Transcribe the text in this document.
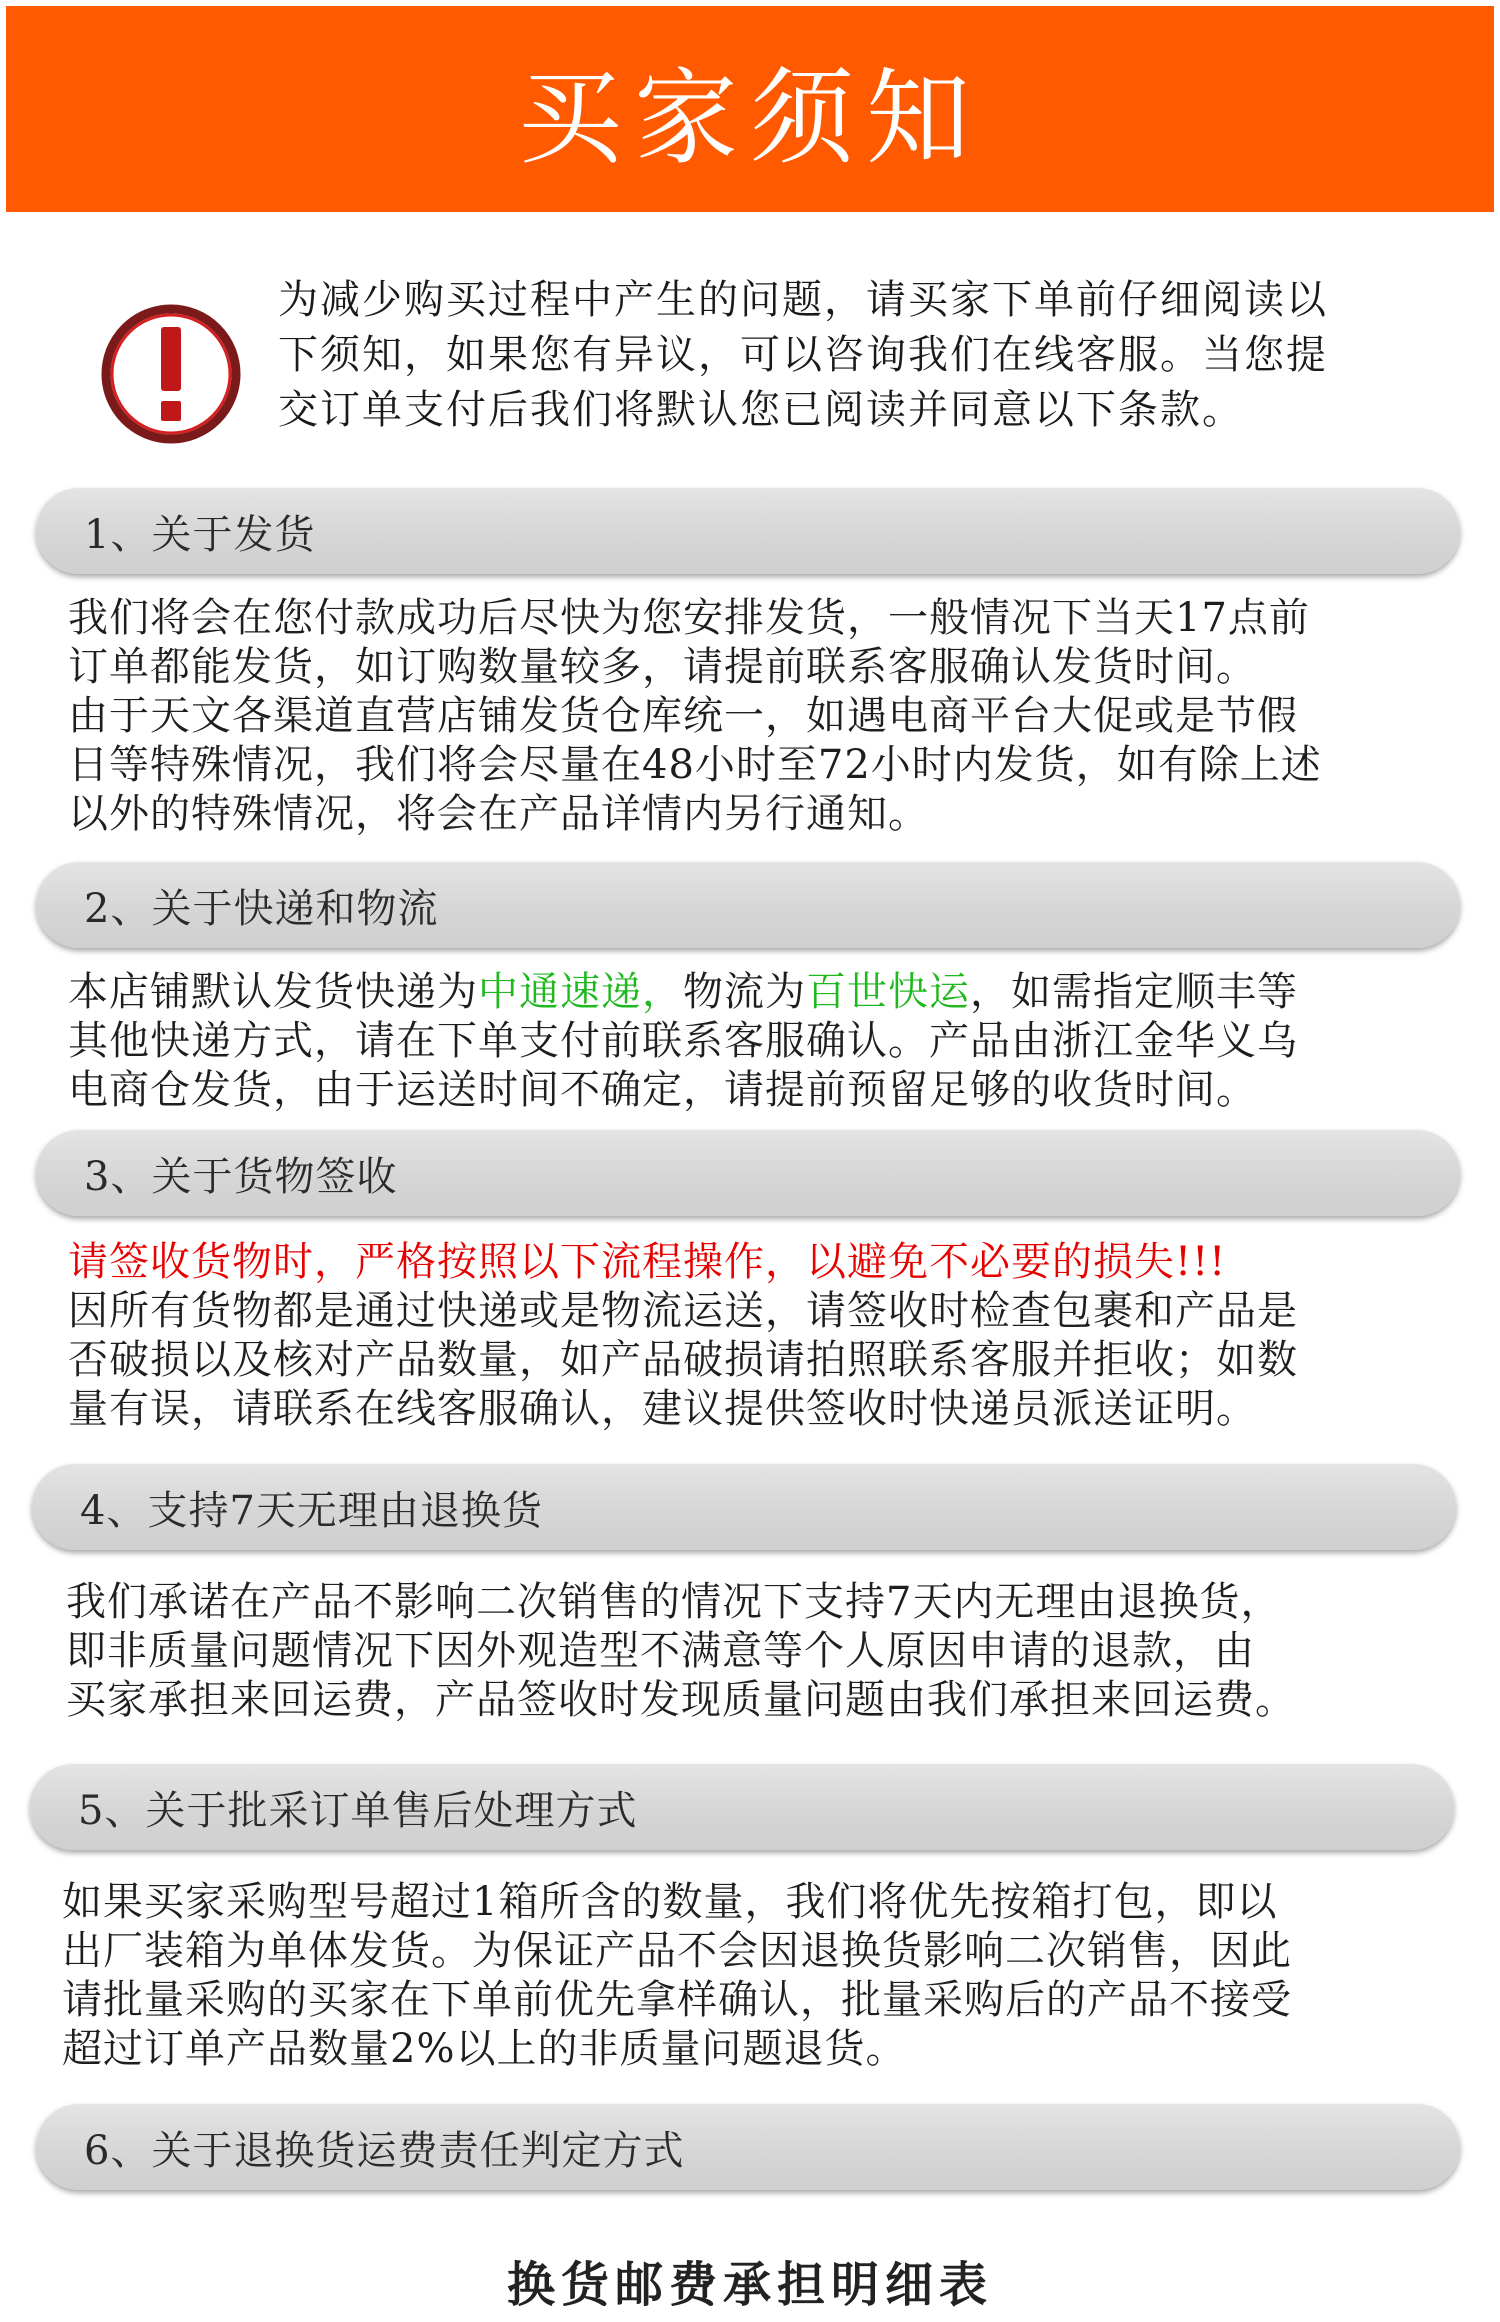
买家须知
为减少购买过程中产生的问题，请买家下单前仔细阅读以
下须知，如果您有异议，可以咨询我们在线客服。当您提
交订单支付后我们将默认您已阅读并同意以下条款。
1、关于发货

我们将会在您付款成功后尽快为您安排发货，一般情况下当天17点前

订单都能发货，如订购数量较多，请提前联系客服确认发货时间。

由于天文各渠道直营店铺发货仓库统一，如遇电商平台大促或是节假

日等特殊情况，我们将会尽量在48小时至72小时内发货，如有除上述

以外的特殊情况，将会在产品详情内另行通知。

2、关于快递和物流

本店铺默认发货快递为中通速递，物流为百世快运，如需指定顺丰等

其他快递方式，请在下单支付前联系客服确认。产品由浙江金华义乌

电商仓发货，由于运送时间不确定，请提前预留足够的收货时间。

3、关于货物签收

请签收货物时，严格按照以下流程操作，以避免不必要的损失!!!

因所有货物都是通过快递或是物流运送，请签收时检查包裹和产品是

否破损以及核对产品数量，如产品破损请拍照联系客服并拒收；如数

量有误，请联系在线客服确认，建议提供签收时快递员派送证明。

4、支持7天无理由退换货

我们承诺在产品不影响二次销售的情况下支持7天内无理由退换货，

即非质量问题情况下因外观造型不满意等个人原因申请的退款，由

买家承担来回运费，产品签收时发现质量问题由我们承担来回运费。

5、关于批采订单售后处理方式

如果买家采购型号超过1箱所含的数量，我们将优先按箱打包，即以

出厂装箱为单体发货。为保证产品不会因退换货影响二次销售，因此

请批量采购的买家在下单前优先拿样确认，批量采购后的产品不接受

超过订单产品数量2%以上的非质量问题退货。

6、关于退换货运费责任判定方式
换货邮费承担明细表
